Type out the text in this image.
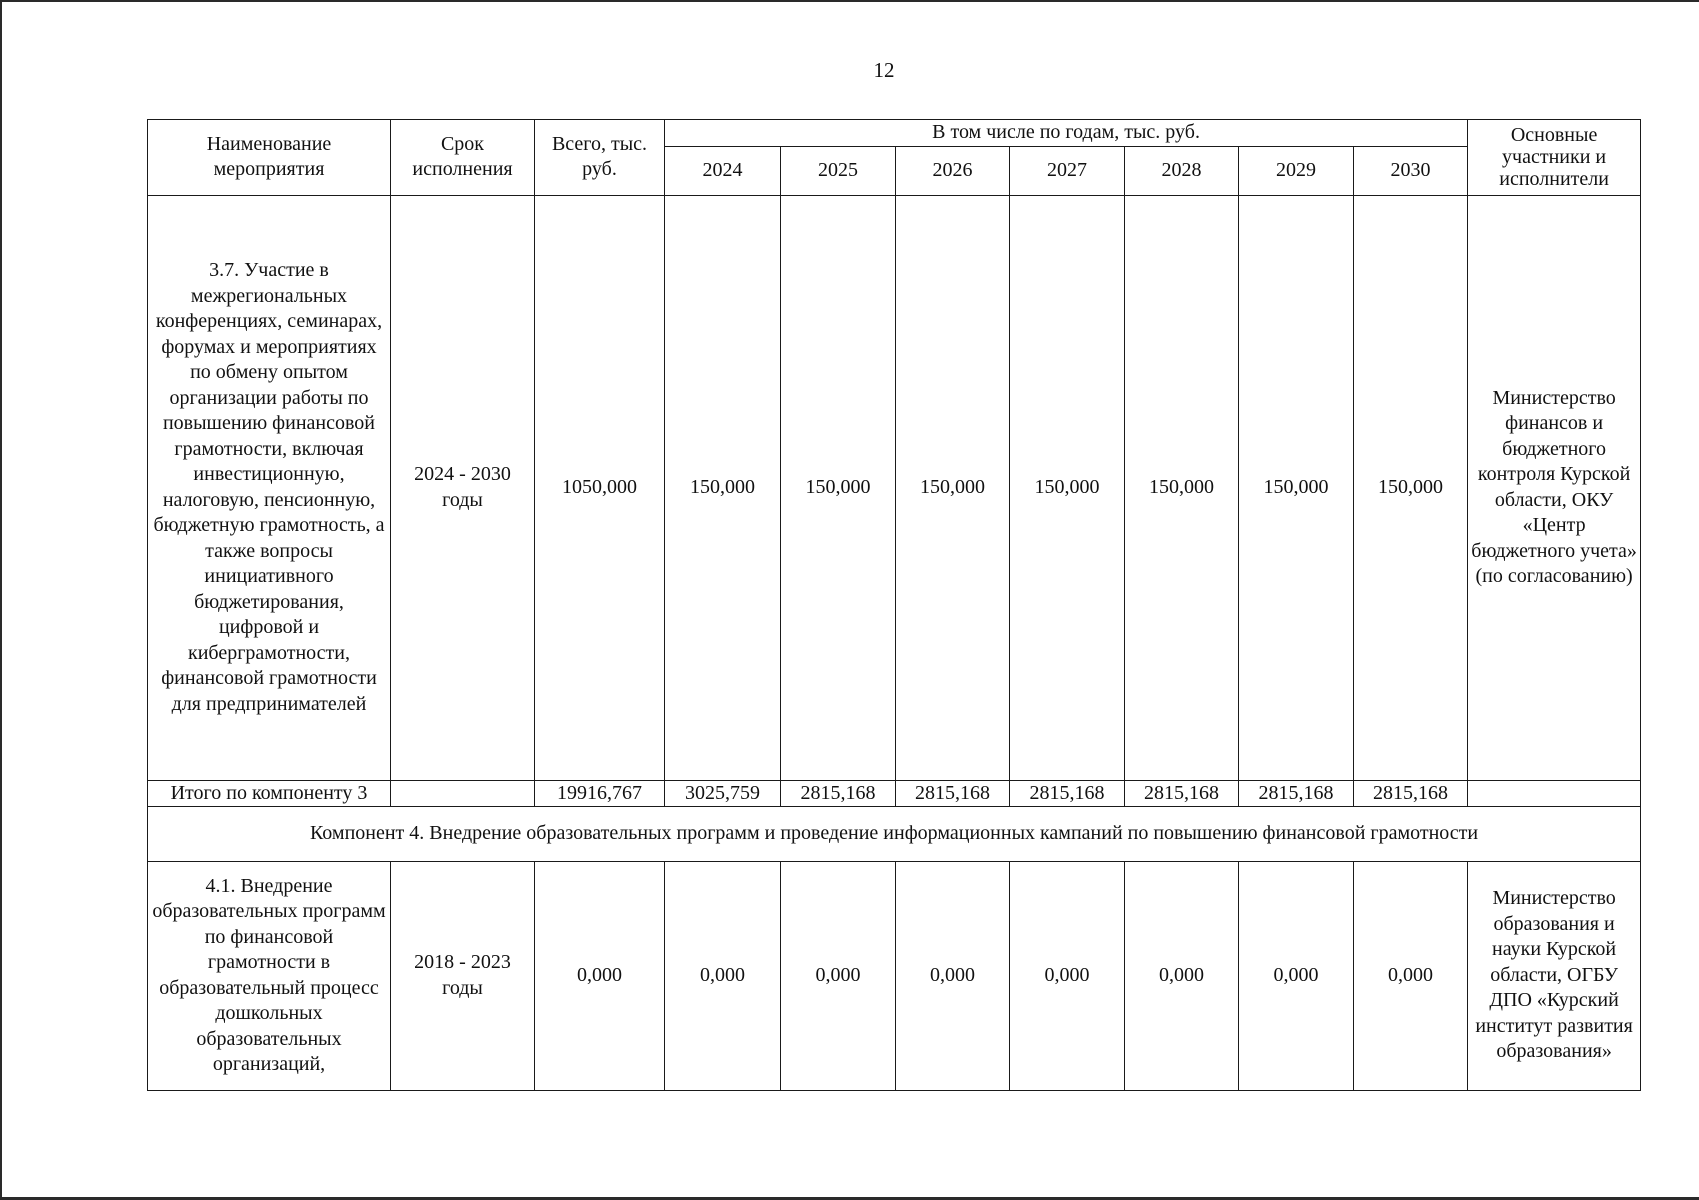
12
Наименование мероприятия	Срок исполнения	Всего, тыс. руб.	В том числе по годам, тыс. руб.							Основные участники и исполнители
			2024	2025	2026	2027	2028	2029	2030	
3.7. Участие в межрегиональных конференциях, семинарах, форумах и мероприятиях по обмену опытом организации работы по повышению финансовой грамотности, включая инвестиционную, налоговую, пенсионную, бюджетную грамотность, а также вопросы инициативного бюджетирования, цифровой и киберграмотности, финансовой грамотности для предпринимателей	2024 - 2030 годы	1050,000	150,000	150,000	150,000	150,000	150,000	150,000	150,000	Министерство финансов и бюджетного контроля Курской области, ОКУ «Центр бюджетного учета» (по согласованию)
Итого по компоненту 3		19916,767	3025,759	2815,168	2815,168	2815,168	2815,168	2815,168	2815,168	
Компонент 4. Внедрение образовательных программ и проведение информационных кампаний по повышению финансовой грамотности										
4.1. Внедрение образовательных программ по финансовой грамотности в образовательный процесс дошкольных образовательных организаций,	2018 - 2023 годы	0,000	0,000	0,000	0,000	0,000	0,000	0,000	0,000	Министерство образования и науки Курской области, ОГБУ ДПО «Курский институт развития образования»
